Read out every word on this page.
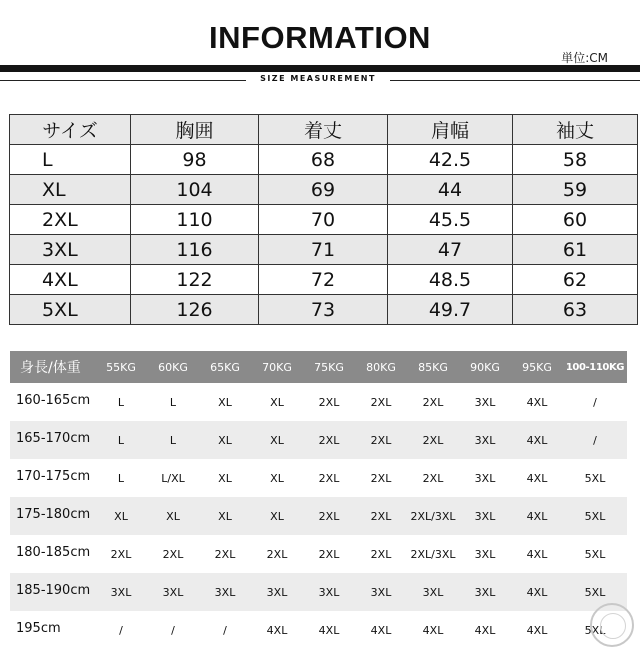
INFORMATION
単位:CM
SIZE MEASUREMENT
サイズ	胸囲	着丈	肩幅	袖丈
L	98	68	42.5	58
XL	104	69	44	59
2XL	110	70	45.5	60
3XL	116	71	47	61
4XL	122	72	48.5	62
5XL	126	73	49.7	63
身長/体重	55KG	60KG	65KG	70KG	75KG	80KG	85KG	90KG	95KG	100-110KG
160-165cm	L	L	XL	XL	2XL	2XL	2XL	3XL	4XL	/
165-170cm	L	L	XL	XL	2XL	2XL	2XL	3XL	4XL	/
170-175cm	L	L/XL	XL	XL	2XL	2XL	2XL	3XL	4XL	5XL
175-180cm	XL	XL	XL	XL	2XL	2XL	2XL/3XL	3XL	4XL	5XL
180-185cm	2XL	2XL	2XL	2XL	2XL	2XL	2XL/3XL	3XL	4XL	5XL
185-190cm	3XL	3XL	3XL	3XL	3XL	3XL	3XL	3XL	4XL	5XL
195cm	/	/	/	4XL	4XL	4XL	4XL	4XL	4XL	5XL
